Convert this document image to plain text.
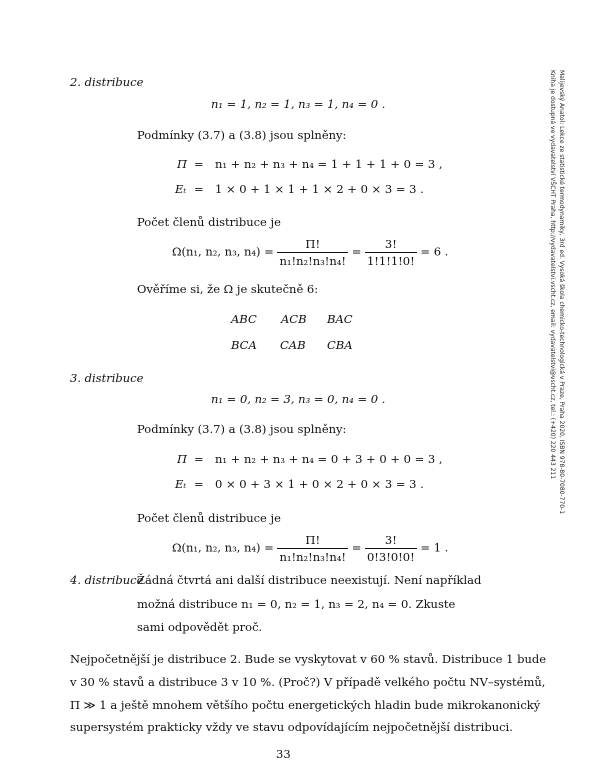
Malijevský Anatol: Lekce ze statistické termodynamiky, 3rd ed. Vysoká škola chemicko-technologická v Praze, Praha 2020, ISBN 978-80-7080-770-1
Kniha je dostupná ve vydavatelství VŠCHT Praha, http://vydavatelstvi.vscht.cz, email: vydavatelstvi@vscht.cz, tel.: (+420) 220 443 211
2. distribuce
n₁ = 1, n₂ = 1, n₃ = 1, n₄ = 0 .
Podmínky (3.7) a (3.8) jsou splněny:
Π = n₁ + n₂ + n₃ + n₄ = 1 + 1 + 1 + 0 = 3 ,
Eₜ = 1 × 0 + 1 × 1 + 1 × 2 + 0 × 3 = 3 .
Počet členů distribuce je
Ω(n₁, n₂, n₃, $n_4) = \frac{\Pi!}{\text{n₁!n₂!n₃!n₄!}} = \frac{3!}{1!1!1!0!} = 6$ .
Ověříme si, že Ω je skutečně 6:
ABC ACB BAC
BCA CAB CBA
3. distribuce
n₁ = 0, n₂ = 3, n₃ = 0, n₄ = 0 .
Podmínky (3.7) a (3.8) jsou splněny:
Π = n₁ + n₂ + n₃ + n₄ = 0 + 3 + 0 + 0 = 3 ,
Eₜ = 0 × 0 + 3 × 1 + 0 × 2 + 0 × 3 = 3 .
Počet členů distribuce je
Ω(n₁, n₂, n₃, $n_4) = \frac{\Pi!}{\text{n₁!n₂!n₃!n₄!}} = \frac{3!}{0!3!0!0!} = 1$ .
4. distribuce
Žádná čtvrtá ani další distribuce neexistují. Není například
možná distribuce n₁ = 0, n₂ = 1, n₃ = 2, n₄ = 0. Zkuste
sami odpovědět proč.
Nejpočetnější je distribuce 2. Bude se vyskytovat v 60 % stavů. Distribuce 1 bude
v 30 % stavů a distribuce 3 v 10 %. (Proč?) V případě velkého počtu NV–systémů,
Π ≫ 1 a ještě mnohem většího počtu energetických hladin bude mikrokanonický
supersystém prakticky vždy ve stavu odpovídajícím nejpočetnější distribuci.
33
